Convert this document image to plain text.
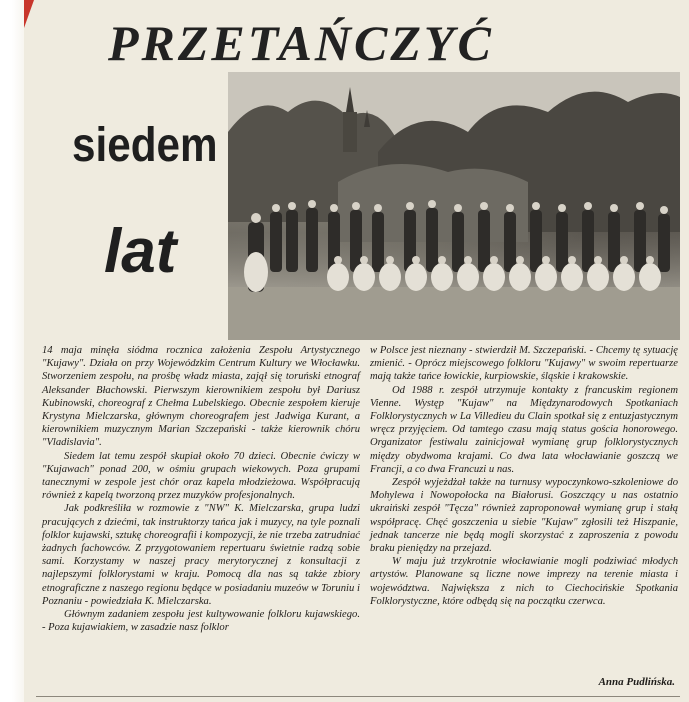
PRZETAŃCZYĆ
siedem
lat

14 maja minęła siódma rocznica założenia Zespołu Artystycznego "Kujawy". Działa on przy Wojewódzkim Centrum Kultury we Włocławku. Stworzeniem zespołu, na prośbę władz miasta, zajął się toruński etnograf Aleksander Błachowski. Pierwszym kierownikiem zespołu był Dariusz Kubinowski, choreograf z Chełma Lubelskiego. Obecnie zespołem kieruje Krystyna Mielczarska, głównym choreografem jest Jadwiga Kurant, a kierownikiem muzycznym Marian Szczepański - także kierownik chóru "Vladislavia".

Siedem lat temu zespół skupiał około 70 dzieci. Obecnie ćwiczy w "Kujawach" ponad 200, w ośmiu grupach wiekowych. Poza grupami tanecznymi w zespole jest chór oraz kapela młodzieżowa. Współpracują również z kapelą tworzoną przez muzyków profesjonalnych.

Jak podkreśliła w rozmowie z "NW" K. Mielczarska, grupa ludzi pracujących z dziećmi, tak instruktorzy tańca jak i muzycy, na tyle poznali folklor kujawski, sztukę choreografii i kompozycji, że nie trzeba zatrudniać żadnych fachowców. Z przygotowaniem repertuaru świetnie radzą sobie sami. Korzystamy w naszej pracy merytorycznej z konsultacji z najlepszymi folklorystami w kraju. Pomocą dla nas są także zbiory etnograficzne z naszego regionu będące w posiadaniu muzeów w Toruniu i Poznaniu - powiedziała K. Mielczarska.

Głównym zadaniem zespołu jest kultywowanie folkloru kujawskiego. - Poza kujawiakiem, w zasadzie nasz folklor

w Polsce jest nieznany - stwierdził M. Szczepański. - Chcemy tę sytuację zmienić. - Oprócz miejscowego folkloru "Kujawy" w swoim repertuarze mają także tańce łowickie, kurpiowskie, śląskie i krakowskie.

Od 1988 r. zespół utrzymuje kontakty z francuskim regionem Vienne. Występ "Kujaw" na Międzynarodowych Spotkaniach Folklorystycznych w La Villedieu du Clain spotkał się z entuzjastycznym wręcz przyjęciem. Od tamtego czasu mają status gościa honorowego. Organizator festiwalu zainicjował wymianę grup folklorystycznych między obydwoma krajami. Co dwa lata włocławianie goszczą we Francji, a co dwa Francuzi u nas.

Zespół wyjeżdżał także na turnusy wypoczynkowo-szkoleniowe do Mohylewa i Nowopołocka na Białorusi. Goszczący u nas ostatnio ukraiński zespół "Tęcza" również zaproponował wymianę grup i stałą współpracę. Chęć goszczenia u siebie "Kujaw" zgłosili też Hiszpanie, jednak tancerze nie będą mogli skorzystać z zaproszenia z powodu braku pieniędzy na przejazd.

W maju już trzykrotnie włocławianie mogli podziwiać młodych artystów. Planowane są liczne nowe imprezy na terenie miasta i województwa. Największa z nich to Ciechocińskie Spotkania Folklorystyczne, które odbędą się na początku czerwca.

Anna Pudlińska.
